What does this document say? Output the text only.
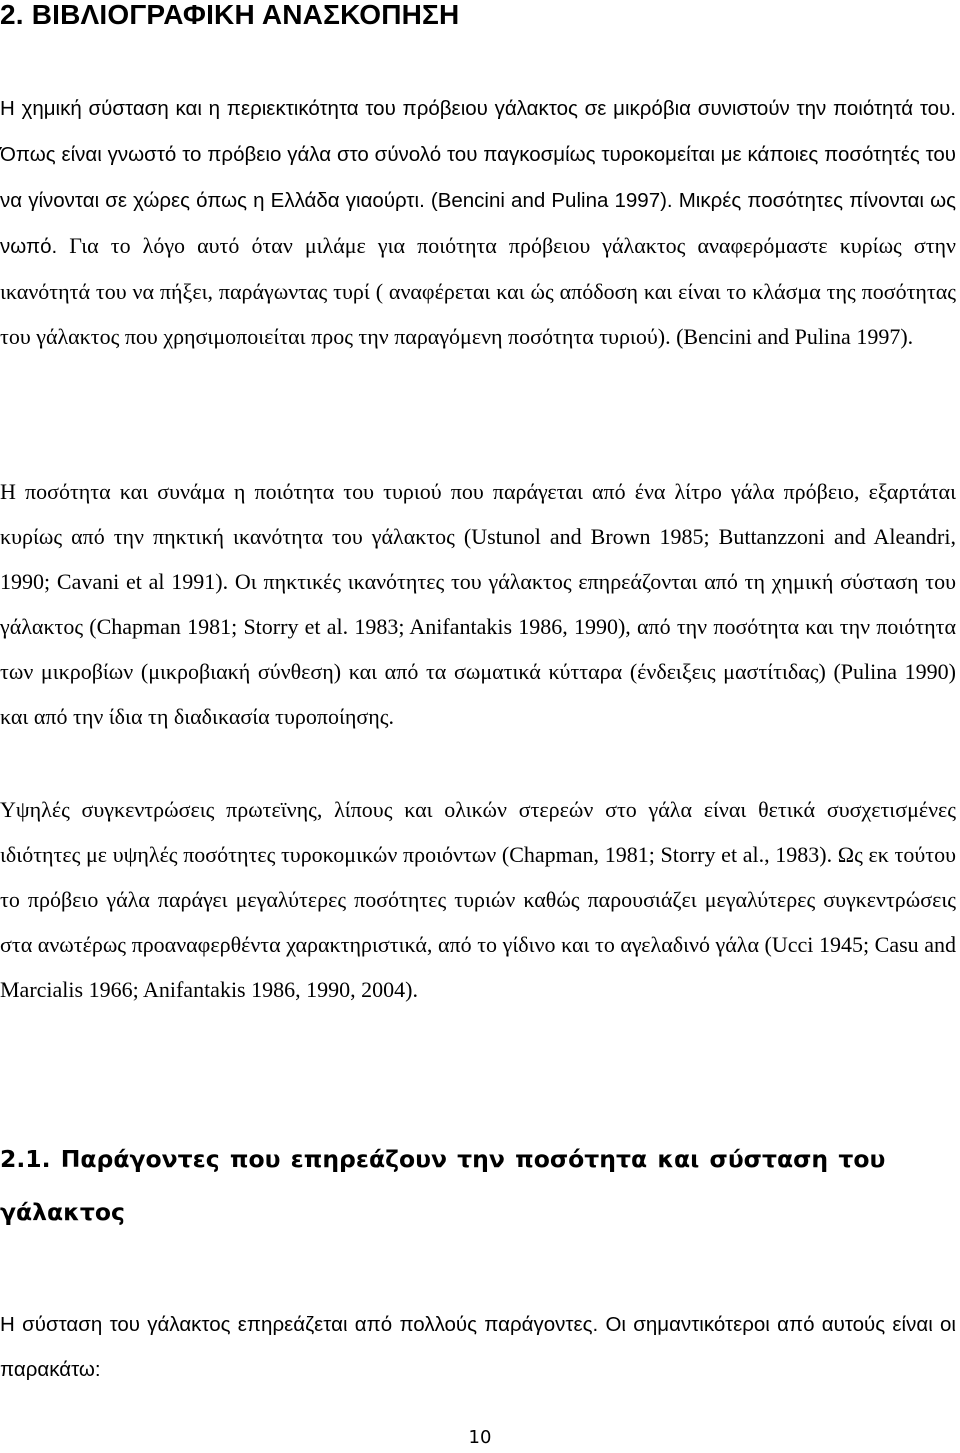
2. ΒΙΒΛΙΟΓΡΑΦΙΚΗ ΑΝΑΣΚΟΠΗΣΗ

Η χημική σύσταση και η περιεκτικότητα του πρόβειου γάλακτος σε μικρόβια συνιστούν την ποιότητά του. Όπως είναι γνωστό το πρόβειο γάλα στο σύνολό του παγκοσμίως τυροκομείται με κάποιες ποσότητές του να γίνονται σε χώρες όπως η Ελλάδα γιαούρτι. (Bencini and Pulina 1997). Μικρές ποσότητες πίνονται ως νωπό. Για το λόγο αυτό όταν μιλάμε για ποιότητα πρόβειου γάλακτος αναφερόμαστε κυρίως στην ικανότητά του να πήξει, παράγωντας τυρί ( αναφέρεται και ώς απόδοση και είναι το κλάσμα της ποσότητας του γάλακτος που χρησιμοποιείται προς την παραγόμενη ποσότητα τυριού). (Bencini and Pulina 1997).

Η ποσότητα και συνάμα η ποιότητα του τυριού που παράγεται από ένα λίτρο γάλα πρόβειο, εξαρτάται κυρίως από την πηκτική ικανότητα του γάλακτος (Ustunol and Brown 1985; Buttanzzoni and Aleandri, 1990; Cavani et al 1991). Οι πηκτικές ικανότητες του γάλακτος επηρεάζονται από τη χημική σύσταση του γάλακτος (Chapman 1981; Storry et al. 1983; Anifantakis 1986, 1990), από την ποσότητα και την ποιότητα των μικροβίων (μικροβιακή σύνθεση) και από τα σωματικά κύτταρα (ένδειξεις μαστίτιδας) (Pulina 1990) και από την ίδια τη διαδικασία τυροποίησης.

Υψηλές συγκεντρώσεις πρωτεϊνης, λίπους και ολικών στερεών στο γάλα είναι θετικά συσχετισμένες ιδιότητες με υψηλές ποσότητες τυροκομικών προιόντων (Chapman, 1981; Storry et al., 1983). Ως εκ τούτου το πρόβειο γάλα παράγει μεγαλύτερες ποσότητες τυριών καθώς παρουσιάζει μεγαλύτερες συγκεντρώσεις στα ανωτέρως προαναφερθέντα χαρακτηριστικά, από το γίδινο και το αγελαδινό γάλα (Ucci 1945; Casu and Marcialis 1966; Anifantakis 1986, 1990, 2004).

2.1. Παράγοντες που επηρεάζουν την ποσότητα και σύσταση του γάλακτος

Η σύσταση του γάλακτος επηρεάζεται από πολλούς παράγοντες. Οι σημαντικότεροι από αυτούς είναι οι παρακάτω:

10
